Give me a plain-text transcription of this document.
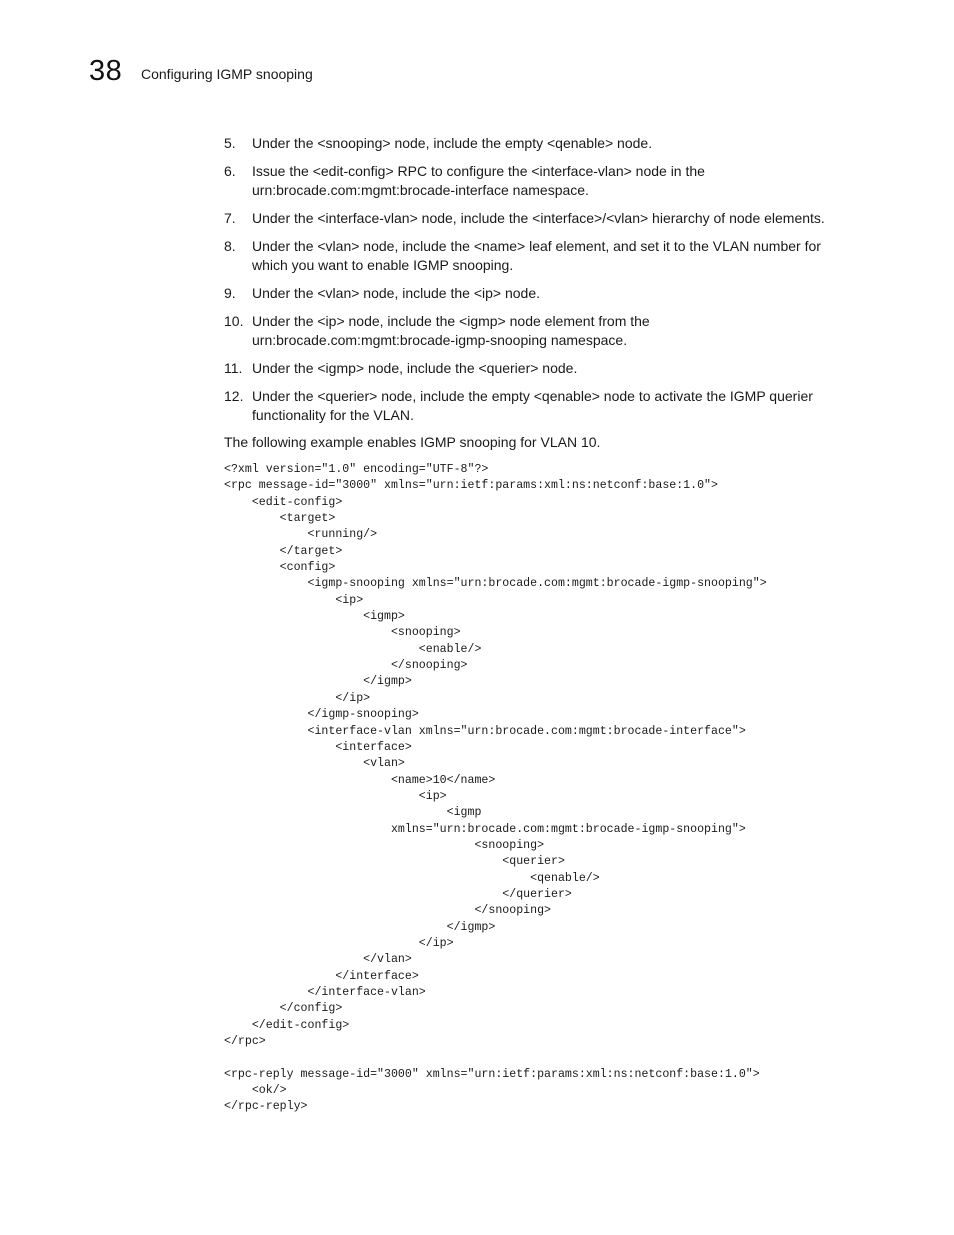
38 Configuring IGMP snooping
5.	Under the <snooping> node, include the empty <qenable> node.
6.	Issue the <edit-config> RPC to configure the <interface-vlan> node in the
urn:brocade.com:mgmt:brocade-interface namespace.
7.	Under the <interface-vlan> node, include the <interface>/<vlan> hierarchy of node elements.
8.	Under the <vlan> node, include the <name> leaf element, and set it to the VLAN number for
which you want to enable IGMP snooping.
9.	Under the <vlan> node, include the <ip> node.
10. Under the <ip> node, include the <igmp> node element from the
urn:brocade.com:mgmt:brocade-igmp-snooping namespace.
11. Under the <igmp> node, include the <querier> node.
12. Under the <querier> node, include the empty <qenable> node to activate the IGMP querier
functionality for the VLAN.

The following example enables IGMP snooping for VLAN 10.

<?xml version="1.0" encoding="UTF-8"?>
<rpc message-id="3000" xmlns="urn:ietf:params:xml:ns:netconf:base:1.0">
<edit-config>
<target>
<running/>
</target>
<config>
<igmp-snooping xmlns="urn:brocade.com:mgmt:brocade-igmp-snooping">
<ip>
<igmp>
<snooping>
<enable/>
</snooping>
</igmp>
</ip>
</igmp-snooping>
<interface-vlan xmlns="urn:brocade.com:mgmt:brocade-interface">
<interface>
<vlan>
<name>10</name>
<ip>
<igmp
xmlns="urn:brocade.com:mgmt:brocade-igmp-snooping">
<snooping>
<querier>
<qenable/>
</querier>
</snooping>
</igmp>
</ip>
</vlan>
</interface>
</interface-vlan>
</config>
</edit-config>
</rpc>

<rpc-reply message-id="3000" xmlns="urn:ietf:params:xml:ns:netconf:base:1.0">
<ok/>
</rpc-reply>
